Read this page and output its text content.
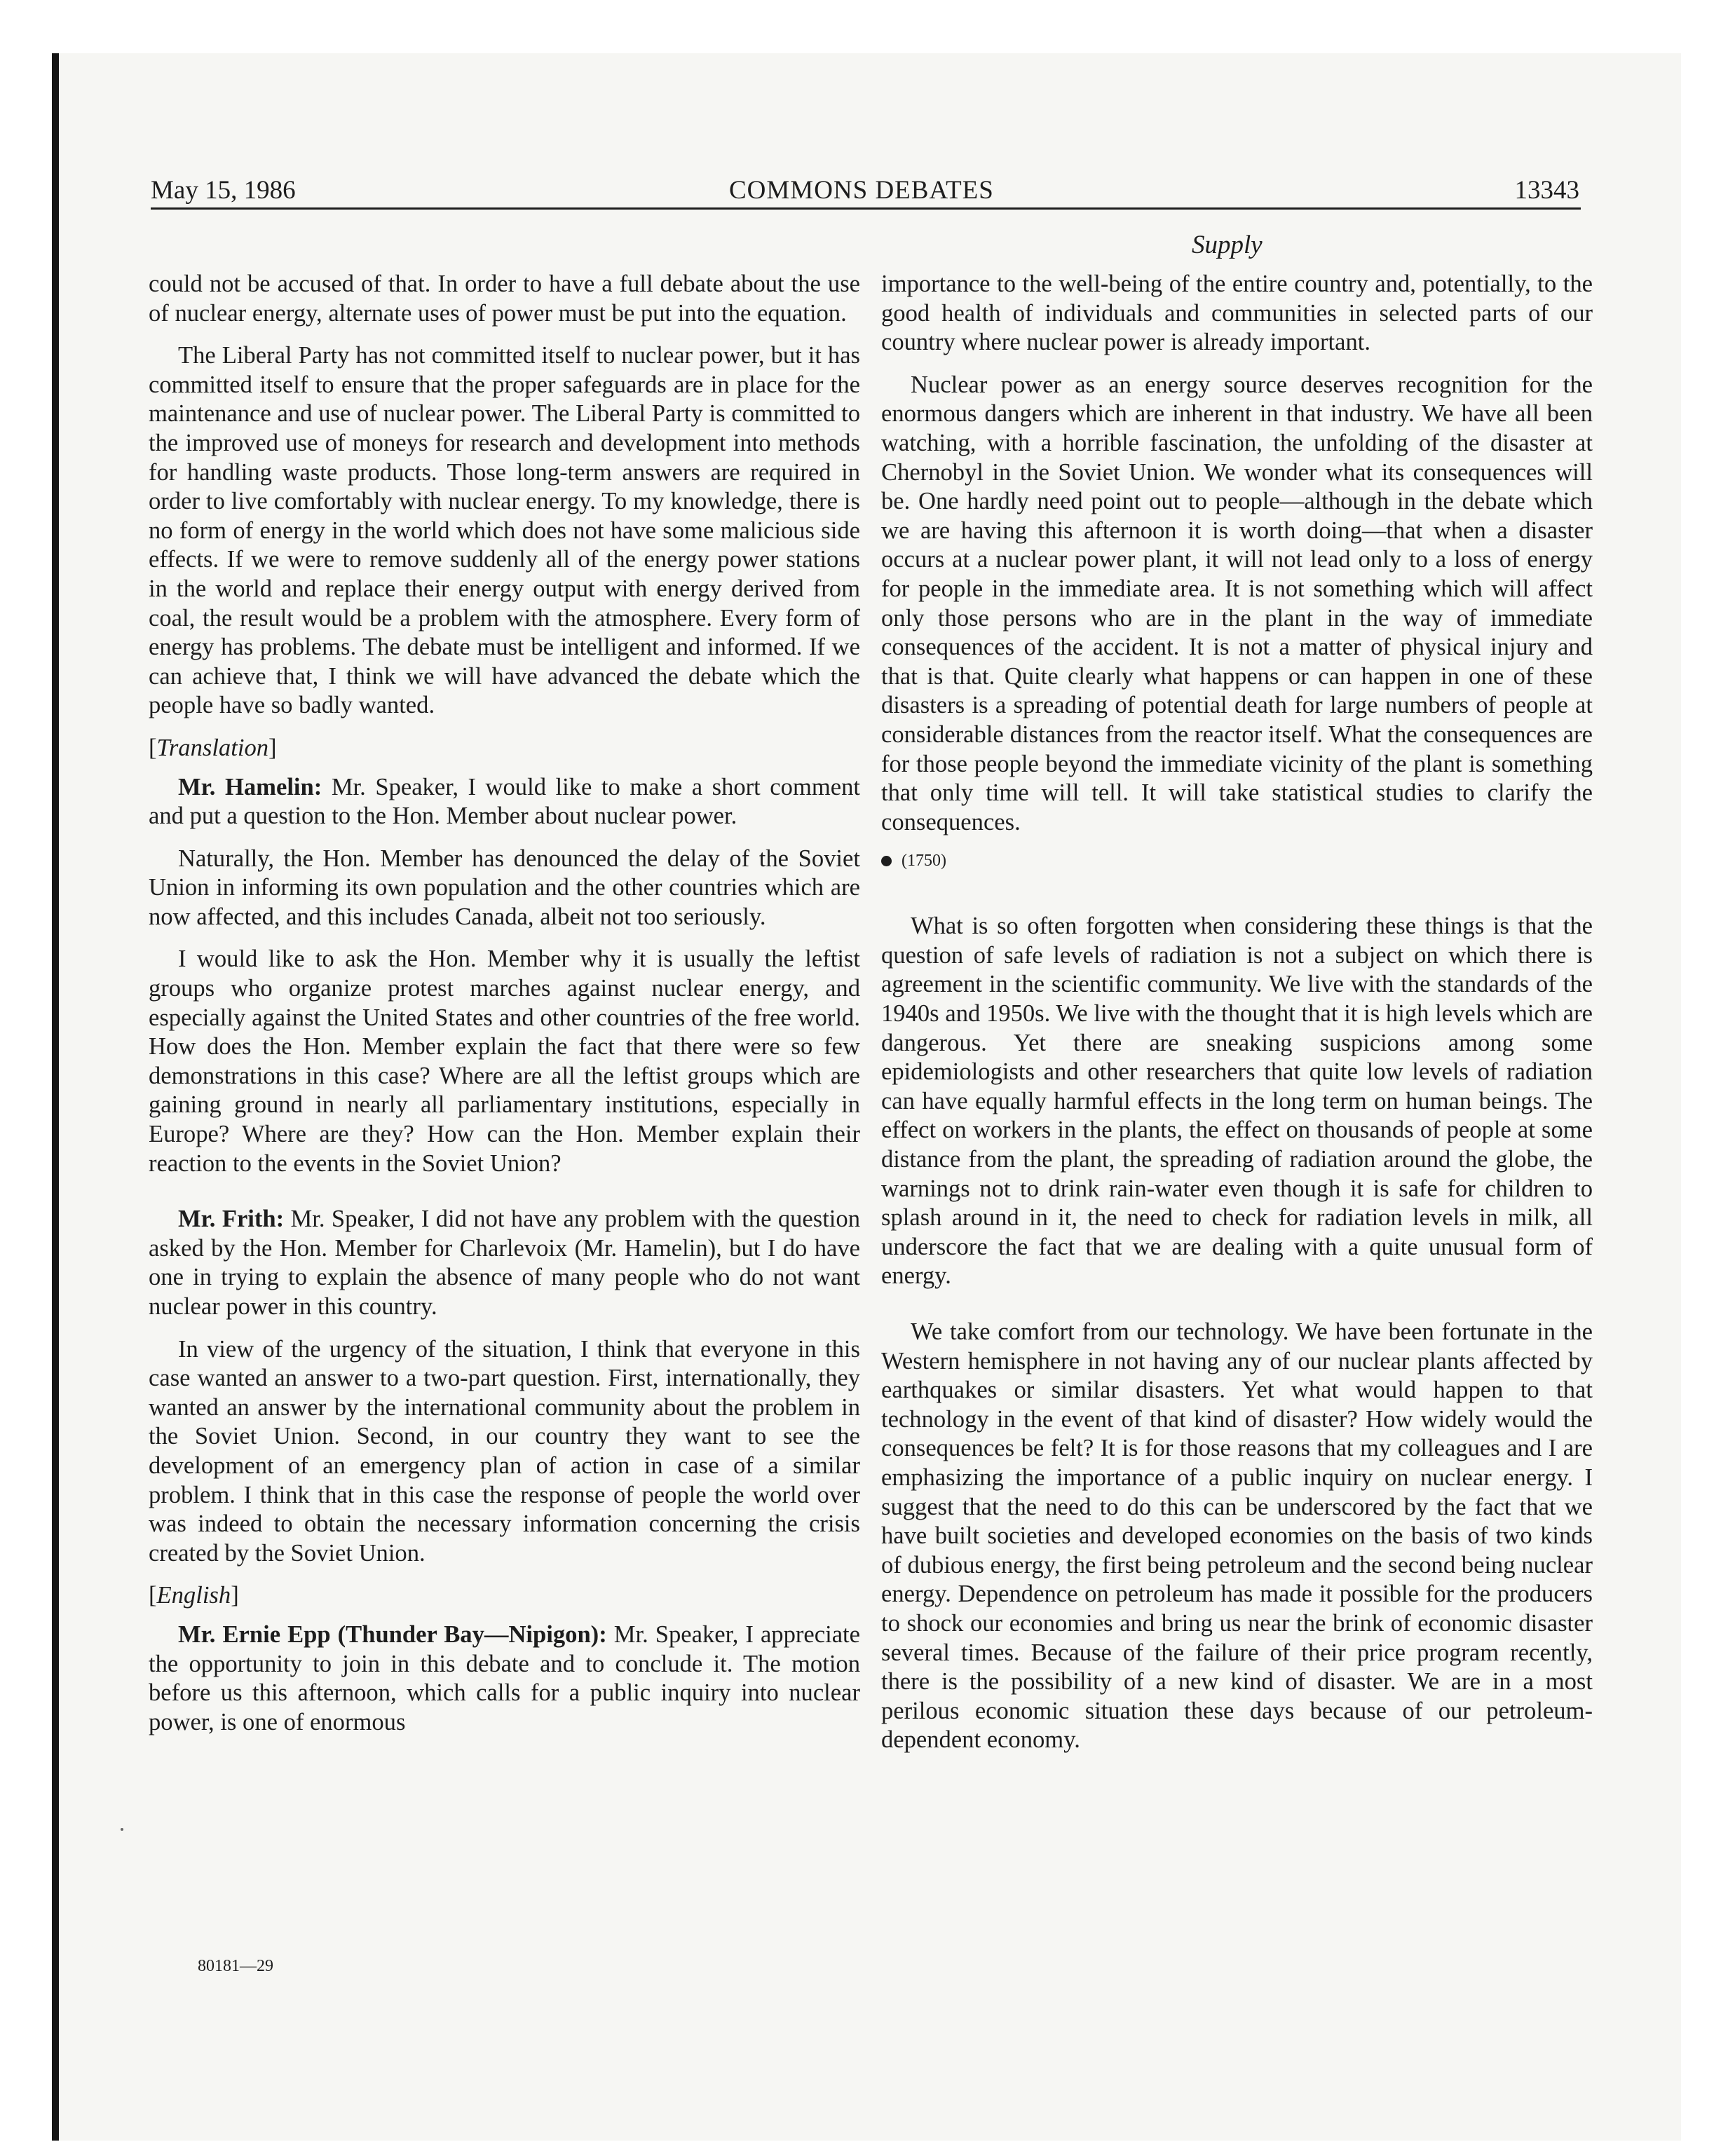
May 15, 1986	COMMONS DEBATES	13343
Supply

could not be accused of that. In order to have a full debate about the use of nuclear energy, alternate uses of power must be put into the equation.

The Liberal Party has not committed itself to nuclear power, but it has committed itself to ensure that the proper safeguards are in place for the maintenance and use of nuclear power. The Liberal Party is committed to the improved use of moneys for research and development into methods for handling waste products. Those long-term answers are required in order to live comfortably with nuclear energy. To my knowledge, there is no form of energy in the world which does not have some malicious side effects. If we were to remove suddenly all of the energy power stations in the world and replace their energy output with energy derived from coal, the result would be a problem with the atmosphere. Every form of energy has problems. The debate must be intelligent and informed. If we can achieve that, I think we will have advanced the debate which the people have so badly wanted.

[Translation]

Mr. Hamelin: Mr. Speaker, I would like to make a short comment and put a question to the Hon. Member about nuclear power.

Naturally, the Hon. Member has denounced the delay of the Soviet Union in informing its own population and the other countries which are now affected, and this includes Canada, albeit not too seriously.

I would like to ask the Hon. Member why it is usually the leftist groups who organize protest marches against nuclear energy, and especially against the United States and other countries of the free world. How does the Hon. Member explain the fact that there were so few demonstrations in this case? Where are all the leftist groups which are gaining ground in nearly all parliamentary institutions, especially in Europe? Where are they? How can the Hon. Member explain their reaction to the events in the Soviet Union?

Mr. Frith: Mr. Speaker, I did not have any problem with the question asked by the Hon. Member for Charlevoix (Mr. Hamelin), but I do have one in trying to explain the absence of many people who do not want nuclear power in this country.

In view of the urgency of the situation, I think that everyone in this case wanted an answer to a two-part question. First, internationally, they wanted an answer by the international community about the problem in the Soviet Union. Second, in our country they want to see the development of an emergency plan of action in case of a similar problem. I think that in this case the response of people the world over was indeed to obtain the necessary information concerning the crisis created by the Soviet Union.

[English]

Mr. Ernie Epp (Thunder Bay—Nipigon): Mr. Speaker, I appreciate the opportunity to join in this debate and to conclude it. The motion before us this afternoon, which calls for a public inquiry into nuclear power, is one of enormous

importance to the well-being of the entire country and, potentially, to the good health of individuals and communities in selected parts of our country where nuclear power is already important.

Nuclear power as an energy source deserves recognition for the enormous dangers which are inherent in that industry. We have all been watching, with a horrible fascination, the unfolding of the disaster at Chernobyl in the Soviet Union. We wonder what its consequences will be. One hardly need point out to people—although in the debate which we are having this afternoon it is worth doing—that when a disaster occurs at a nuclear power plant, it will not lead only to a loss of energy for people in the immediate area. It is not something which will affect only those persons who are in the plant in the way of immediate consequences of the accident. It is not a matter of physical injury and that is that. Quite clearly what happens or can happen in one of these disasters is a spreading of potential death for large numbers of people at considerable distances from the reactor itself. What the consequences are for those people beyond the immediate vicinity of the plant is something that only time will tell. It will take statistical studies to clarify the consequences.

(1750)

What is so often forgotten when considering these things is that the question of safe levels of radiation is not a subject on which there is agreement in the scientific community. We live with the standards of the 1940s and 1950s. We live with the thought that it is high levels which are dangerous. Yet there are sneaking suspicions among some epidemiologists and other researchers that quite low levels of radiation can have equally harmful effects in the long term on human beings. The effect on workers in the plants, the effect on thousands of people at some distance from the plant, the spreading of radiation around the globe, the warnings not to drink rain-water even though it is safe for children to splash around in it, the need to check for radiation levels in milk, all underscore the fact that we are dealing with a quite unusual form of energy.

We take comfort from our technology. We have been fortunate in the Western hemisphere in not having any of our nuclear plants affected by earthquakes or similar disasters. Yet what would happen to that technology in the event of that kind of disaster? How widely would the consequences be felt? It is for those reasons that my colleagues and I are emphasizing the importance of a public inquiry on nuclear energy. I suggest that the need to do this can be underscored by the fact that we have built societies and developed economies on the basis of two kinds of dubious energy, the first being petroleum and the second being nuclear energy. Dependence on petroleum has made it possible for the producers to shock our economies and bring us near the brink of economic disaster several times. Because of the failure of their price program recently, there is the possibility of a new kind of disaster. We are in a most perilous economic situation these days because of our petroleum-dependent economy.

80181—29
